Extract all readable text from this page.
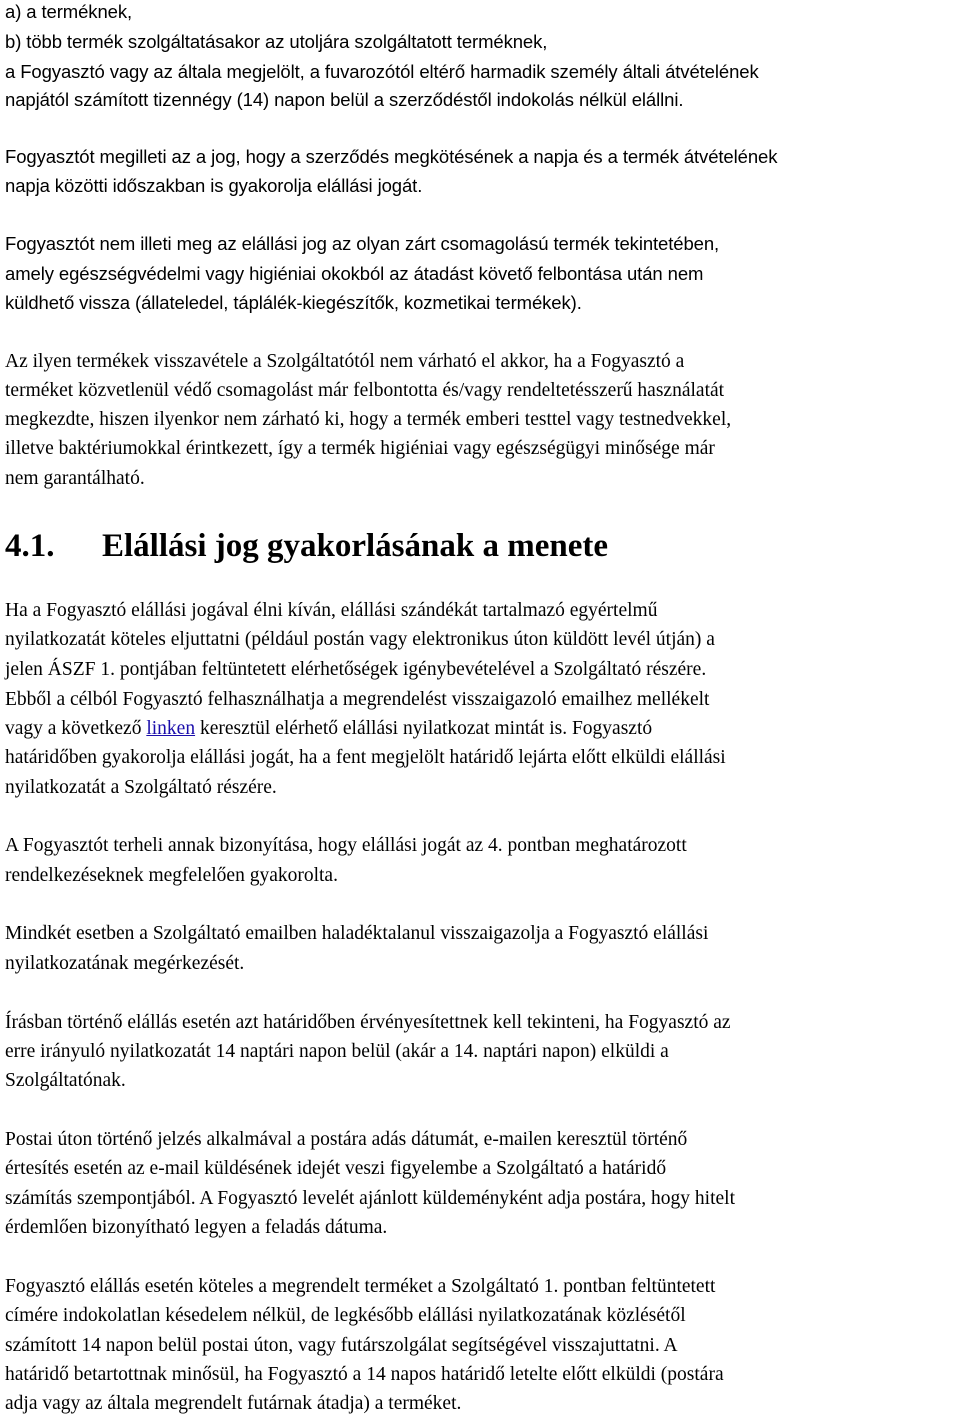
a) a terméknek,
b) több termék szolgáltatásakor az utoljára szolgáltatott terméknek,
a Fogyasztó vagy az általa megjelölt, a fuvarozótól eltérő harmadik személy általi átvételének
napjától számított tizennégy (14) napon belül a szerződéstől indokolás nélkül elállni.
Fogyasztót megilleti az a jog, hogy a szerződés megkötésének a napja és a termék átvételének
napja közötti időszakban is gyakorolja elállási jogát.
Fogyasztót nem illeti meg az elállási jog az olyan zárt csomagolású termék tekintetében,
amely egészségvédelmi vagy higiéniai okokból az átadást követő felbontása után nem
küldhető vissza (állateledel, táplálék-kiegészítők, kozmetikai termékek).
Az ilyen termékek visszavétele a Szolgáltatótól nem várható el akkor, ha a Fogyasztó a
terméket közvetlenül védő csomagolást már felbontotta és/vagy rendeltetésszerű használatát
megkezdte, hiszen ilyenkor nem zárható ki, hogy a termék emberi testtel vagy testnedvekkel,
illetve baktériumokkal érintkezett, így a termék higiéniai vagy egészségügyi minősége már
nem garantálható.
4.1. Elállási jog gyakorlásának a menete
Ha a Fogyasztó elállási jogával élni kíván, elállási szándékát tartalmazó egyértelmű
nyilatkozatát köteles eljuttatni (például postán vagy elektronikus úton küldött levél útján) a
jelen ÁSZF 1. pontjában feltüntetett elérhetőségek igénybevételével a Szolgáltató részére.
Ebből a célból Fogyasztó felhasználhatja a megrendelést visszaigazoló emailhez mellékelt
vagy a következő linken keresztül elérhető elállási nyilatkozat mintát is. Fogyasztó
határidőben gyakorolja elállási jogát, ha a fent megjelölt határidő lejárta előtt elküldi elállási
nyilatkozatát a Szolgáltató részére.
A Fogyasztót terheli annak bizonyítása, hogy elállási jogát az 4. pontban meghatározott
rendelkezéseknek megfelelően gyakorolta.
Mindkét esetben a Szolgáltató emailben haladéktalanul visszaigazolja a Fogyasztó elállási
nyilatkozatának megérkezését.
Írásban történő elállás esetén azt határidőben érvényesítettnek kell tekinteni, ha Fogyasztó az
erre irányuló nyilatkozatát 14 naptári napon belül (akár a 14. naptári napon) elküldi a
Szolgáltatónak.
Postai úton történő jelzés alkalmával a postára adás dátumát, e-mailen keresztül történő
értesítés esetén az e-mail küldésének idejét veszi figyelembe a Szolgáltató a határidő
számítás szempontjából. A Fogyasztó levelét ajánlott küldeményként adja postára, hogy hitelt
érdemlően bizonyítható legyen a feladás dátuma.
Fogyasztó elállás esetén köteles a megrendelt terméket a Szolgáltató 1. pontban feltüntetett
címére indokolatlan késedelem nélkül, de legkésőbb elállási nyilatkozatának közlésétől
számított 14 napon belül postai úton, vagy futárszolgálat segítségével visszajuttatni. A
határidő betartottnak minősül, ha Fogyasztó a 14 napos határidő letelte előtt elküldi (postára
adja vagy az általa megrendelt futárnak átadja) a terméket.
